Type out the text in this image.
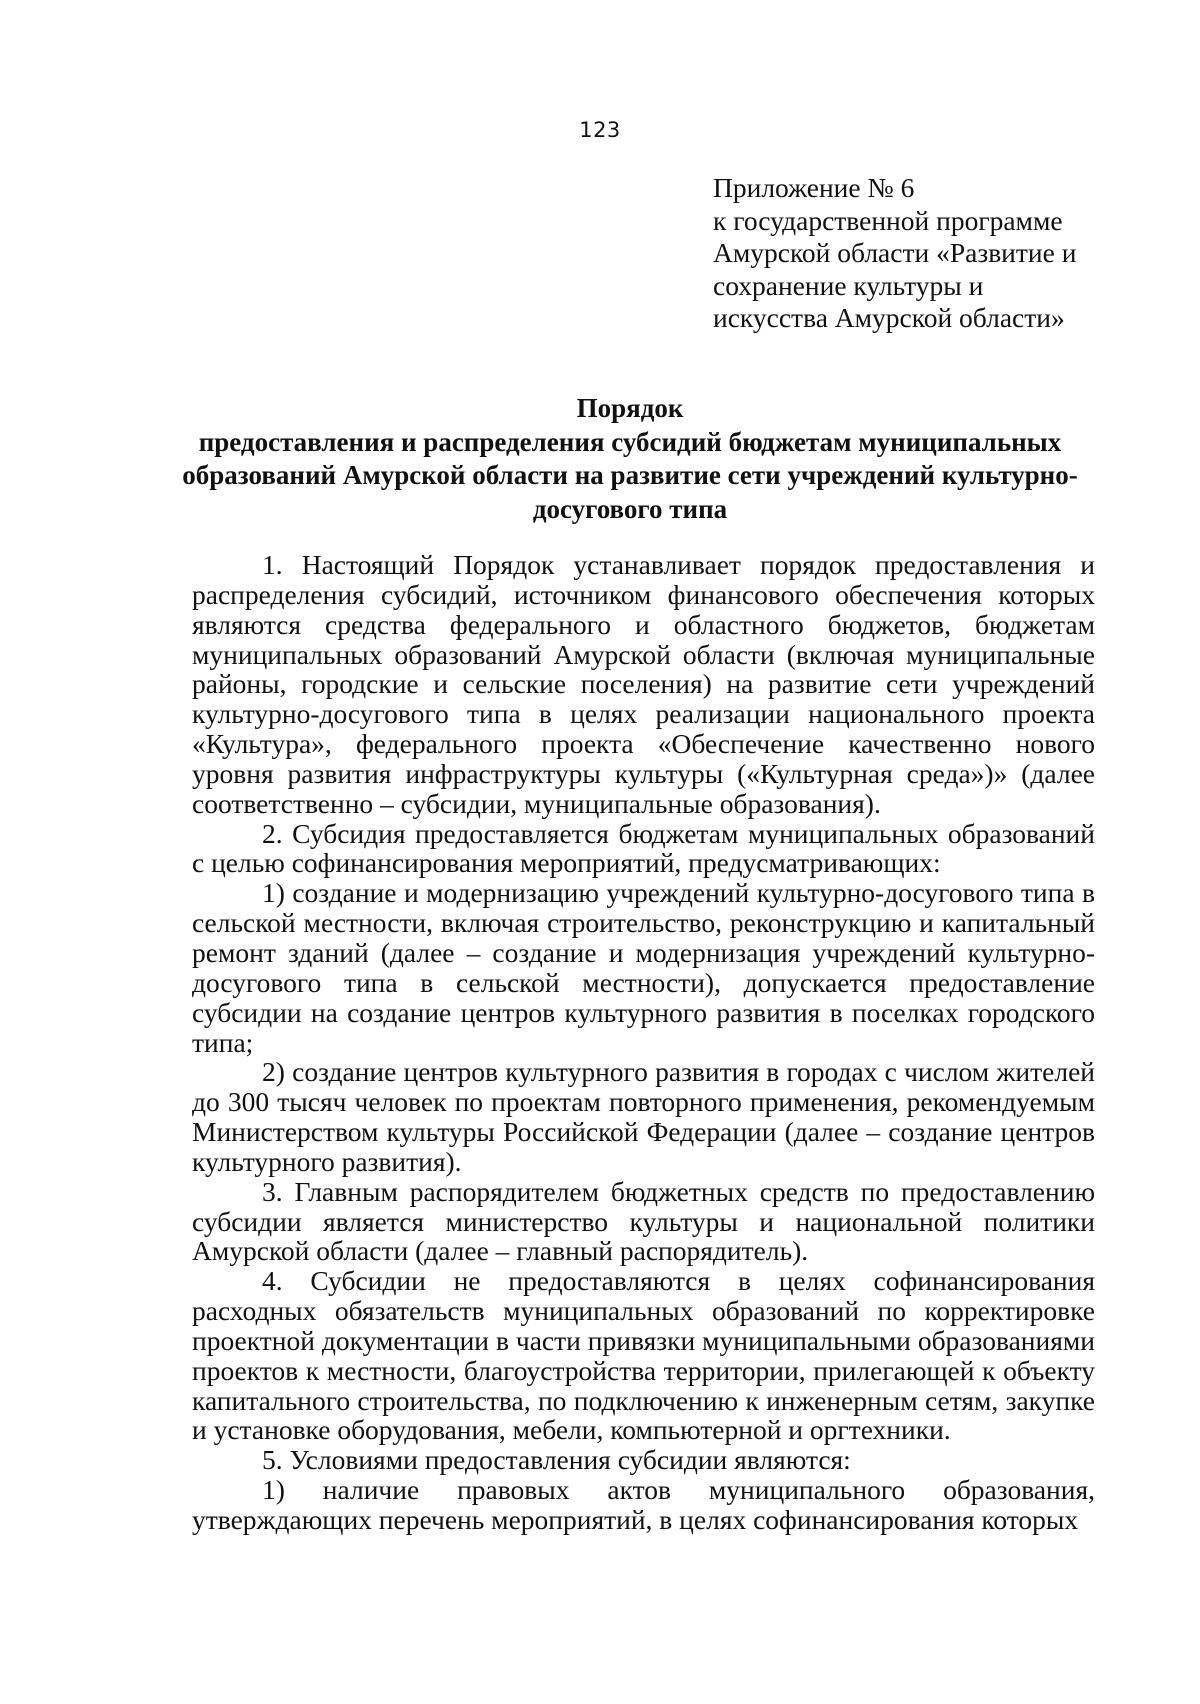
123
Приложение № 6
к государственной программе
Амурской области «Развитие и
сохранение культуры и
искусства Амурской области»
Порядок
предоставления и распределения субсидий бюджетам муниципальных
образований Амурской области на развитие сети учреждений культурно-
досугового типа

1. Настоящий Порядок устанавливает порядок предоставления и распределения субсидий, источником финансового обеспечения которых являются средства федерального и областного бюджетов, бюджетам муниципальных образований Амурской области (включая муниципальные районы, городские и сельские поселения) на развитие сети учреждений культурно-досугового типа в целях реализации национального проекта «Культура», федерального проекта «Обеспечение качественно нового уровня развития инфраструктуры культуры («Культурная среда»)» (далее соответственно – субсидии, муниципальные образования).

2. Субсидия предоставляется бюджетам муниципальных образований с целью софинансирования мероприятий, предусматривающих:

1) создание и модернизацию учреждений культурно-досугового типа в сельской местности, включая строительство, реконструкцию и капитальный ремонт зданий (далее – создание и модернизация учреждений культурно-досугового типа в сельской местности), допускается предоставление субсидии на создание центров культурного развития в поселках городского типа;

2) создание центров культурного развития в городах с числом жителей до 300 тысяч человек по проектам повторного применения, рекомендуемым Министерством культуры Российской Федерации (далее – создание центров культурного развития).

3. Главным распорядителем бюджетных средств по предоставлению субсидии является министерство культуры и национальной политики Амурской области (далее – главный распорядитель).

4. Субсидии не предоставляются в целях софинансирования расходных обязательств муниципальных образований по корректировке проектной документации в части привязки муниципальными образованиями проектов к местности, благоустройства территории, прилегающей к объекту капитального строительства, по подключению к инженерным сетям, закупке и установке оборудования, мебели, компьютерной и оргтехники.

5. Условиями предоставления субсидии являются:

1) наличие правовых актов муниципального образования, утверждающих перечень мероприятий, в целях софинансирования которых
